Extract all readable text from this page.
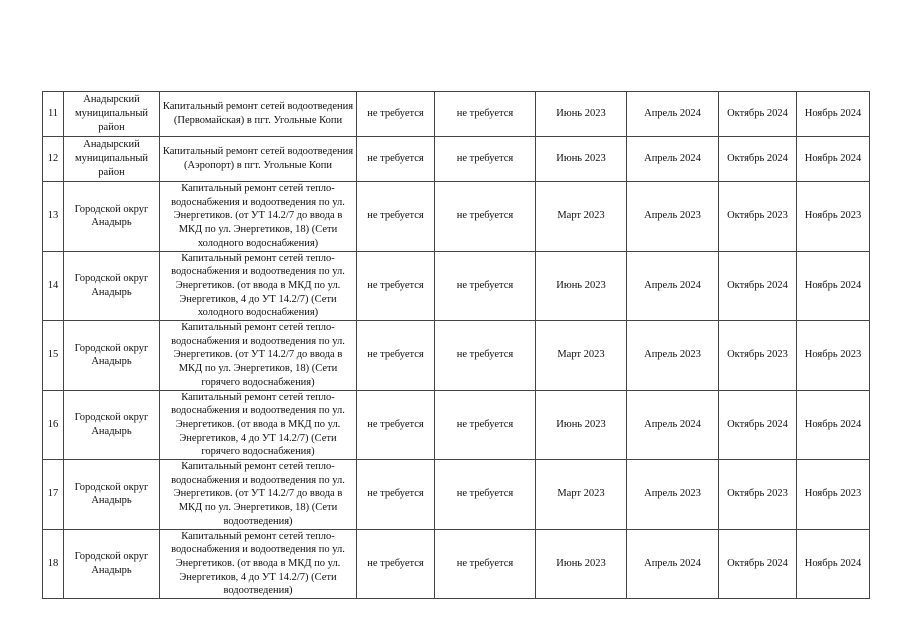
11	Анадырский муниципальный район	Капитальный ремонт сетей водоотведения (Первомайская) в пгт. Угольные Копи	не требуется	не требуется	Июнь 2023	Апрель 2024	Октябрь 2024	Ноябрь 2024
12	Анадырский муниципальный район	Капитальный ремонт сетей водоотведения (Аэропорт) в пгт. Угольные Копи	не требуется	не требуется	Июнь 2023	Апрель 2024	Октябрь 2024	Ноябрь 2024
13	Городской округ Анадырь	Капитальный ремонт сетей тепло-водоснабжения и водоотведения по ул. Энергетиков. (от УТ 14.2/7 до ввода в МКД по ул. Энергетиков, 18) (Сети холодного водоснабжения)	не требуется	не требуется	Март 2023	Апрель 2023	Октябрь 2023	Ноябрь 2023
14	Городской округ Анадырь	Капитальный ремонт сетей тепло-водоснабжения и водоотведения по ул. Энергетиков. (от ввода в МКД по ул. Энергетиков, 4 до УТ 14.2/7) (Сети холодного водоснабжения)	не требуется	не требуется	Июнь 2023	Апрель 2024	Октябрь 2024	Ноябрь 2024
15	Городской округ Анадырь	Капитальный ремонт сетей тепло-водоснабжения и водоотведения по ул. Энергетиков. (от УТ 14.2/7 до ввода в МКД по ул. Энергетиков, 18) (Сети горячего водоснабжения)	не требуется	не требуется	Март 2023	Апрель 2023	Октябрь 2023	Ноябрь 2023
16	Городской округ Анадырь	Капитальный ремонт сетей тепло-водоснабжения и водоотведения по ул. Энергетиков. (от ввода в МКД по ул. Энергетиков, 4 до УТ 14.2/7) (Сети горячего водоснабжения)	не требуется	не требуется	Июнь 2023	Апрель 2024	Октябрь 2024	Ноябрь 2024
17	Городской округ Анадырь	Капитальный ремонт сетей тепло-водоснабжения и водоотведения по ул. Энергетиков. (от УТ 14.2/7 до ввода в МКД по ул. Энергетиков, 18) (Сети водоотведения)	не требуется	не требуется	Март 2023	Апрель 2023	Октябрь 2023	Ноябрь 2023
18	Городской округ Анадырь	Капитальный ремонт сетей тепло-водоснабжения и водоотведения по ул. Энергетиков. (от ввода в МКД по ул. Энергетиков, 4 до УТ 14.2/7) (Сети водоотведения)	не требуется	не требуется	Июнь 2023	Апрель 2024	Октябрь 2024	Ноябрь 2024
